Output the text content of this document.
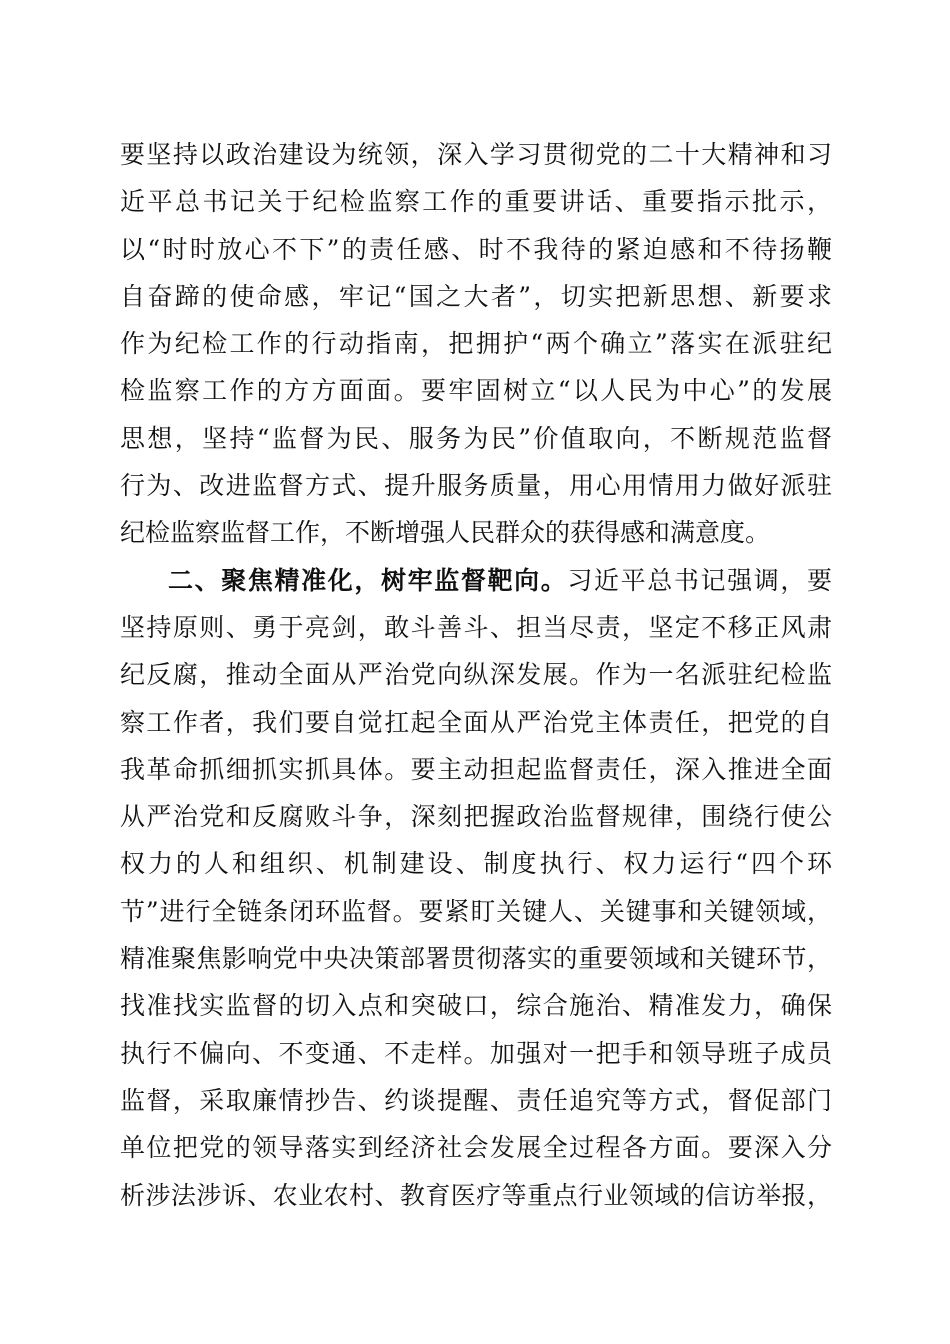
要坚持以政治建设为统领，深入学习贯彻党的二十大精神和习
近平总书记关于纪检监察工作的重要讲话、重要指示批示，
以“时时放心不下”的责任感、时不我待的紧迫感和不待扬鞭
自奋蹄的使命感，牢记“国之大者”，切实把新思想、新要求
作为纪检工作的行动指南，把拥护“两个确立”落实在派驻纪
检监察工作的方方面面。要牢固树立“以人民为中心”的发展
思想，坚持“监督为民、服务为民”价值取向，不断规范监督
行为、改进监督方式、提升服务质量，用心用情用力做好派驻
纪检监察监督工作，不断增强人民群众的获得感和满意度。
二、聚焦精准化，树牢监督靶向。习近平总书记强调，要
坚持原则、勇于亮剑，敢斗善斗、担当尽责，坚定不移正风肃
纪反腐，推动全面从严治党向纵深发展。作为一名派驻纪检监
察工作者，我们要自觉扛起全面从严治党主体责任，把党的自
我革命抓细抓实抓具体。要主动担起监督责任，深入推进全面
从严治党和反腐败斗争，深刻把握政治监督规律，围绕行使公
权力的人和组织、机制建设、制度执行、权力运行“四个环
节”进行全链条闭环监督。要紧盯关键人、关键事和关键领域，
精准聚焦影响党中央决策部署贯彻落实的重要领域和关键环节，
找准找实监督的切入点和突破口，综合施治、精准发力，确保
执行不偏向、不变通、不走样。加强对一把手和领导班子成员
监督，采取廉情抄告、约谈提醒、责任追究等方式，督促部门
单位把党的领导落实到经济社会发展全过程各方面。要深入分
析涉法涉诉、农业农村、教育医疗等重点行业领域的信访举报，
